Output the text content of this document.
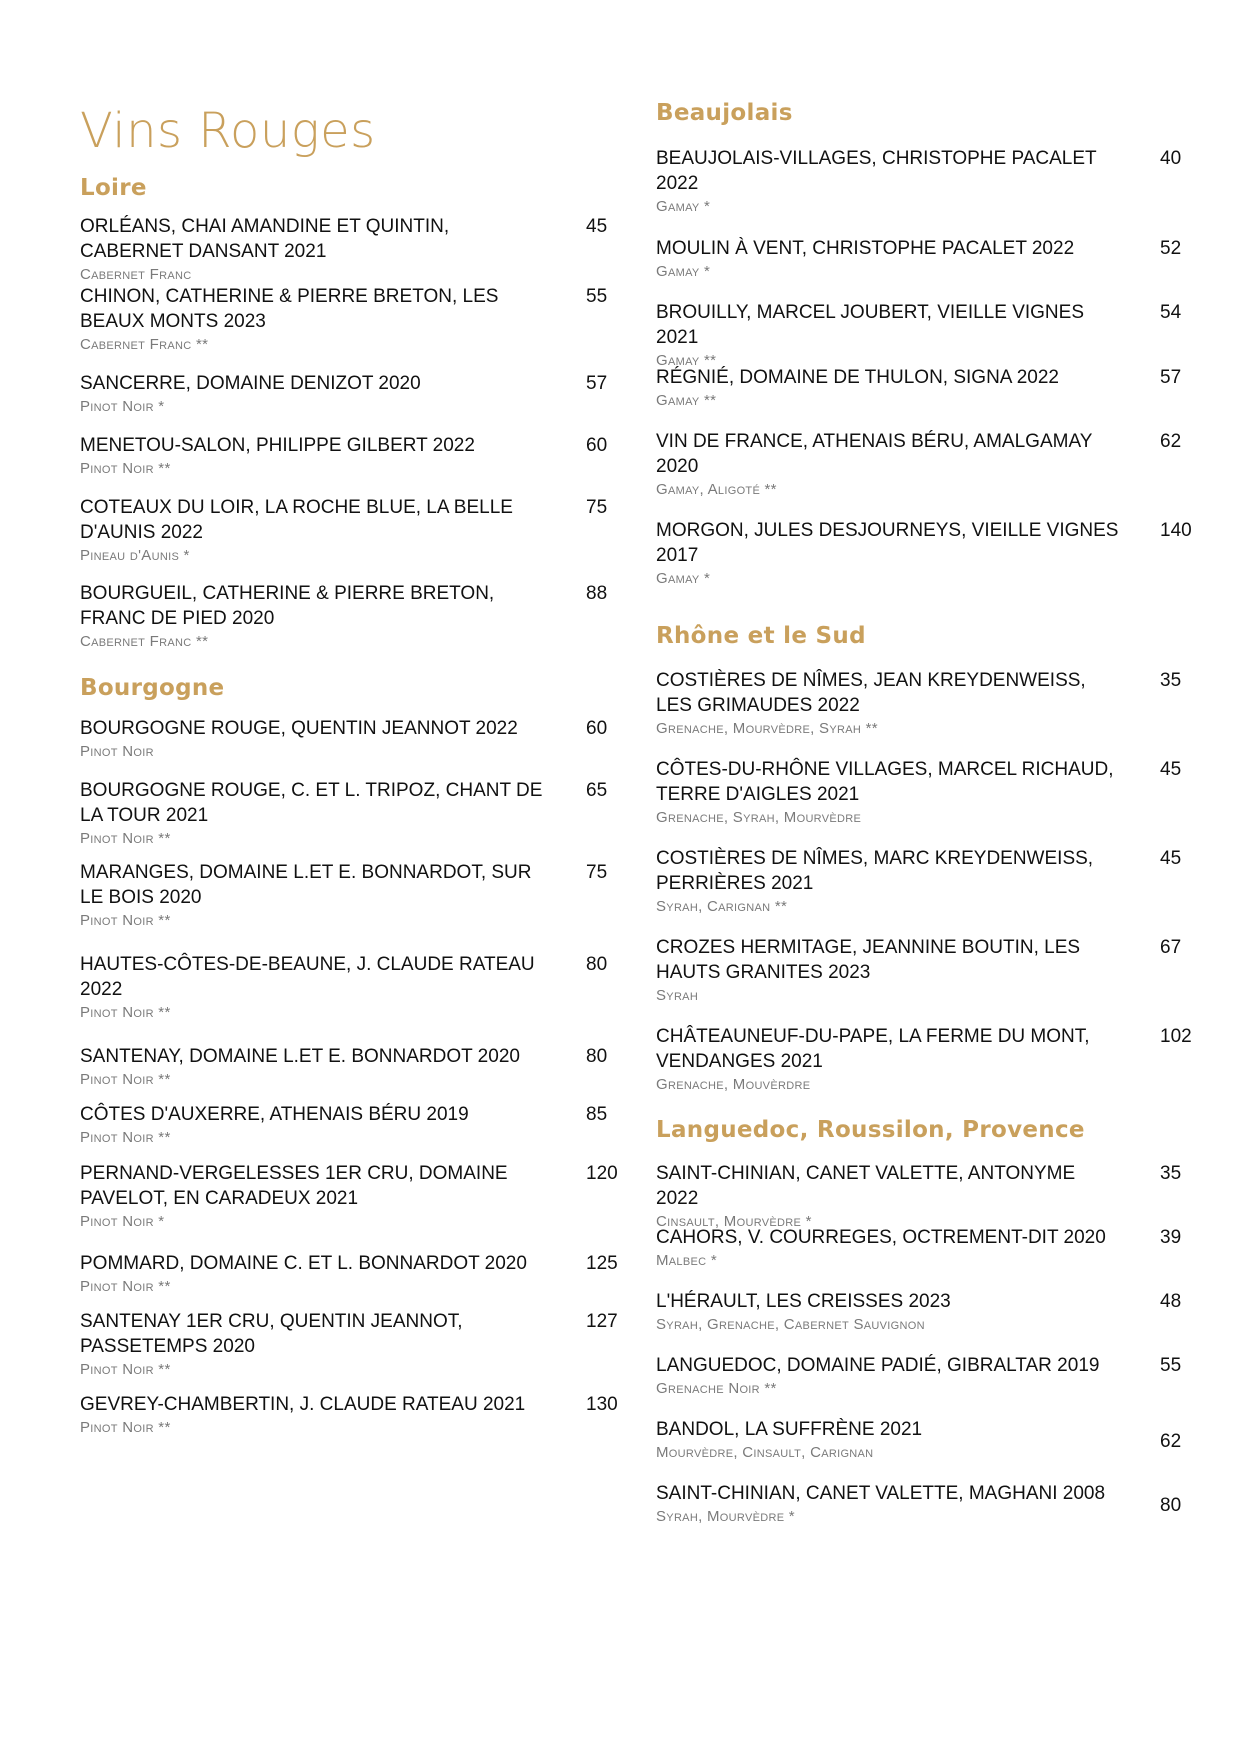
Vins Rouges
Loire
ORLÉANS, CHAI AMANDINE ET QUINTIN, CABERNET DANSANT 2021
Cabernet Franc
45
CHINON, CATHERINE & PIERRE BRETON, LES BEAUX MONTS 2023
Cabernet Franc **
55
SANCERRE, DOMAINE DENIZOT 2020
Pinot Noir *
57
MENETOU-SALON, PHILIPPE GILBERT 2022
Pinot Noir **
60
COTEAUX DU LOIR, LA ROCHE BLUE, LA BELLE D'AUNIS 2022
Pineau d'Aunis *
75
BOURGUEIL, CATHERINE & PIERRE BRETON, FRANC DE PIED 2020
Cabernet Franc **
88
Bourgogne
BOURGOGNE ROUGE, QUENTIN JEANNOT 2022
Pinot Noir
60
BOURGOGNE ROUGE, C. ET L. TRIPOZ, CHANT DE LA TOUR 2021
Pinot Noir **
65
MARANGES, DOMAINE L.ET E. BONNARDOT, SUR LE BOIS 2020
Pinot Noir **
75
HAUTES-CÔTES-DE-BEAUNE, J. CLAUDE RATEAU 2022
Pinot Noir **
80
SANTENAY, DOMAINE L.ET E. BONNARDOT 2020
Pinot Noir **
80
CÔTES D'AUXERRE, ATHENAIS BÉRU 2019
Pinot Noir **
85
PERNAND-VERGELESSES 1ER CRU, DOMAINE PAVELOT, EN CARADEUX 2021
Pinot Noir *
120
POMMARD, DOMAINE C. ET L. BONNARDOT 2020
Pinot Noir **
125
SANTENAY 1ER CRU, QUENTIN JEANNOT, PASSETEMPS 2020
Pinot Noir **
127
GEVREY-CHAMBERTIN, J. CLAUDE RATEAU 2021
Pinot Noir **
130
Beaujolais
BEAUJOLAIS-VILLAGES, CHRISTOPHE PACALET 2022
Gamay *
40
MOULIN À VENT, CHRISTOPHE PACALET 2022
Gamay *
52
BROUILLY, MARCEL JOUBERT, VIEILLE VIGNES 2021
Gamay **
54
RÉGNIÉ, DOMAINE DE THULON, SIGNA 2022
Gamay **
57
VIN DE FRANCE, ATHENAIS BÉRU, AMALGAMAY 2020
Gamay, Aligoté **
62
MORGON, JULES DESJOURNEYS, VIEILLE VIGNES 2017
Gamay *
140
Rhône et le Sud
COSTIÈRES DE NÎMES, JEAN KREYDENWEISS, LES GRIMAUDES 2022
Grenache, Mourvèdre, Syrah **
35
CÔTES-DU-RHÔNE VILLAGES, MARCEL RICHAUD, TERRE D'AIGLES 2021
Grenache, Syrah, Mourvèdre
45
COSTIÈRES DE NÎMES, MARC KREYDENWEISS, PERRIÈRES 2021
Syrah, Carignan **
45
CROZES HERMITAGE, JEANNINE BOUTIN, LES HAUTS GRANITES 2023
Syrah
67
CHÂTEAUNEUF-DU-PAPE, LA FERME DU MONT, VENDANGES 2021
Grenache, Mouvèrdre
102
Languedoc, Roussilon, Provence
SAINT-CHINIAN, CANET VALETTE, ANTONYME 2022
Cinsault, Mourvèdre *
35
CAHORS, V. COURREGES, OCTREMENT-DIT 2020
Malbec *
39
L'HÉRAULT, LES CREISSES 2023
Syrah, Grenache, Cabernet Sauvignon
48
LANGUEDOC, DOMAINE PADIÉ, GIBRALTAR 2019
Grenache Noir **
55
BANDOL, LA SUFFRÈNE 2021
Mourvèdre, Cinsault, Carignan
62
SAINT-CHINIAN, CANET VALETTE, MAGHANI 2008
Syrah, Mourvèdre *
80
